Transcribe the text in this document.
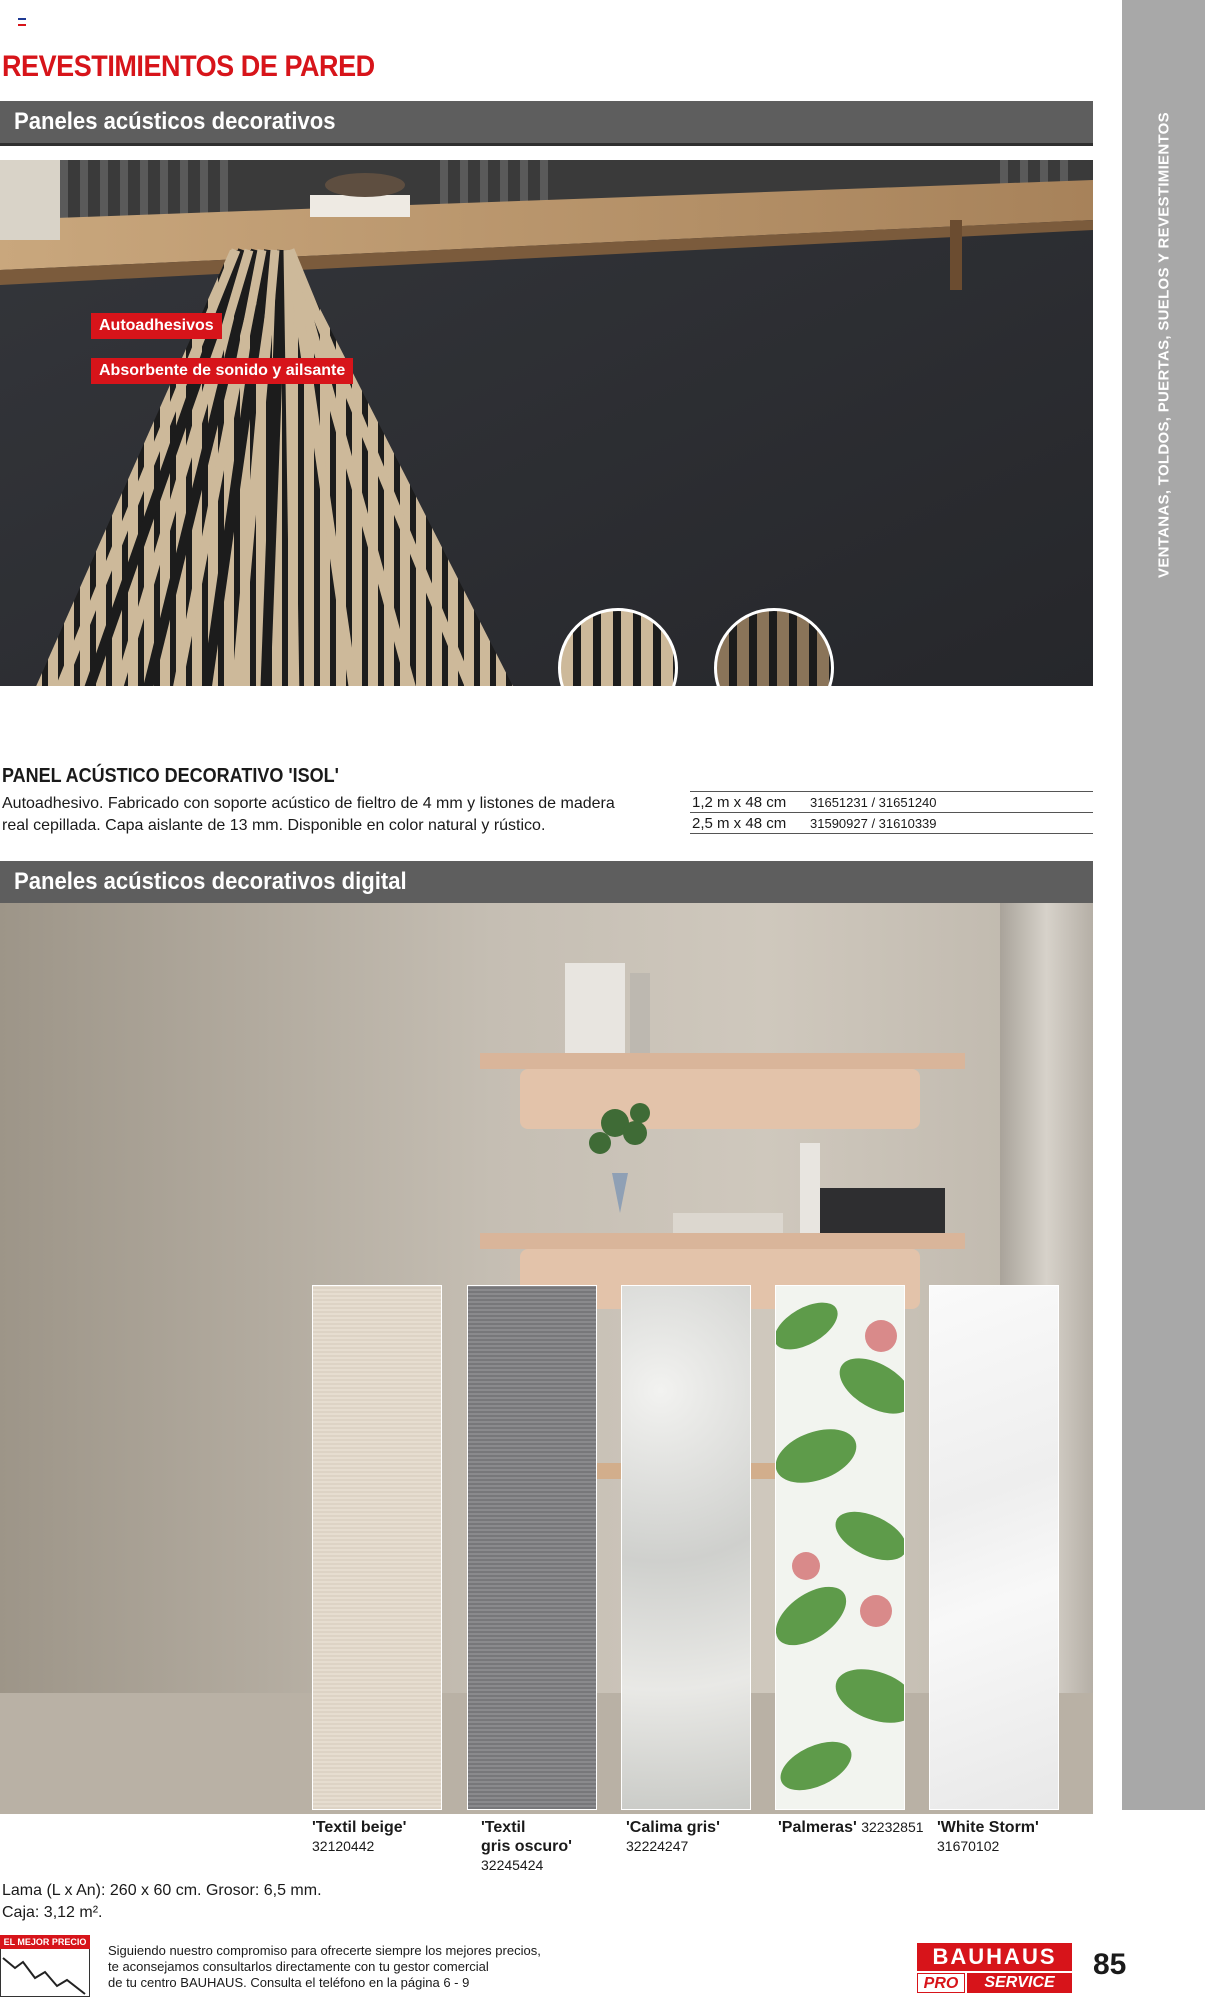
VENTANAS, TOLDOS, PUERTAS, SUELOS Y REVESTIMIENTOS
REVESTIMIENTOS DE PARED
Paneles acústicos decorativos
Autoadhesivos
Absorbente de sonido y ailsante
PANEL ACÚSTICO DECORATIVO 'ISOL'
Autoadhesivo. Fabricado con soporte acústico de fieltro de 4 mm y listones de madera real cepillada. Capa aislante de 13 mm. Disponible en color natural y rústico.
1,2 m x 48 cm 31651231 / 31651240
2,5 m x 48 cm 31590927 / 31610339
Paneles acústicos decorativos digital
'Textil beige'
32120442
'Textil
gris oscuro'
32245424
'Calima gris'
32224247
'Palmeras' 32232851 'White Storm'
31670102
Lama (L x An): 260 x 60 cm. Grosor: 6,5 mm.
Caja: 3,12 m².
EL MEJOR PRECIO
Siguiendo nuestro compromiso para ofrecerte siempre los mejores precios,
te aconsejamos consultarlos directamente con tu gestor comercial
de tu centro BAUHAUS. Consulta el teléfono en la página 6 - 9
BAUHAUS
PRO	SERVICE
85
